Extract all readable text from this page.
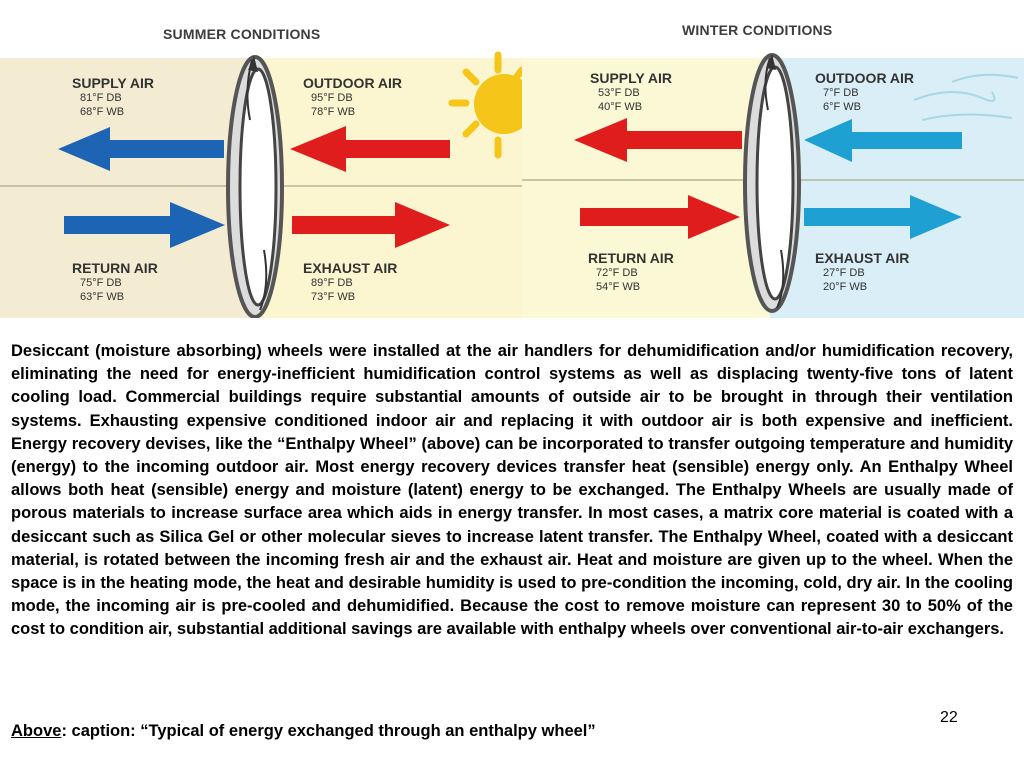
SUMMER CONDITIONS
SUPPLY AIR
81°F DB
68°F WB
OUTDOOR AIR
95°F DB
78°F WB
RETURN AIR
75°F DB
63°F WB
EXHAUST AIR
89°F DB
73°F WB
WINTER CONDITIONS
SUPPLY AIR
53°F DB
40°F WB
OUTDOOR AIR
7°F DB
6°F WB
RETURN AIR
72°F DB
54°F WB
EXHAUST AIR
27°F DB
20°F WB

Desiccant (moisture absorbing) wheels were installed at the air handlers for dehumidification and/or humidification recovery, eliminating the need for energy-inefficient humidification control systems as well as displacing twenty-five tons of latent cooling load. Commercial buildings require substantial amounts of outside air to be brought in through their ventilation systems. Exhausting expensive conditioned indoor air and replacing it with outdoor air is both expensive and inefficient. Energy recovery devises, like the “Enthalpy Wheel” (above) can be incorporated to transfer outgoing temperature and humidity (energy) to the incoming outdoor air. Most energy recovery devices transfer heat (sensible) energy only. An Enthalpy Wheel allows both heat (sensible) energy and moisture (latent) energy to be exchanged. The Enthalpy Wheels are usually made of porous materials to increase surface area which aids in energy transfer. In most cases, a matrix core material is coated with a desiccant such as Silica Gel or other molecular sieves to increase latent transfer. The Enthalpy Wheel, coated with a desiccant material, is rotated between the incoming fresh air and the exhaust air. Heat and moisture are given up to the wheel. When the space is in the heating mode, the heat and desirable humidity is used to pre-condition the incoming, cold, dry air. In the cooling mode, the incoming air is pre-cooled and dehumidified. Because the cost to remove moisture can represent 30 to 50% of the cost to condition air, substantial additional savings are available with enthalpy wheels over conventional air-to-air exchangers.

Above: caption: “Typical of energy exchanged through an enthalpy wheel”
22
